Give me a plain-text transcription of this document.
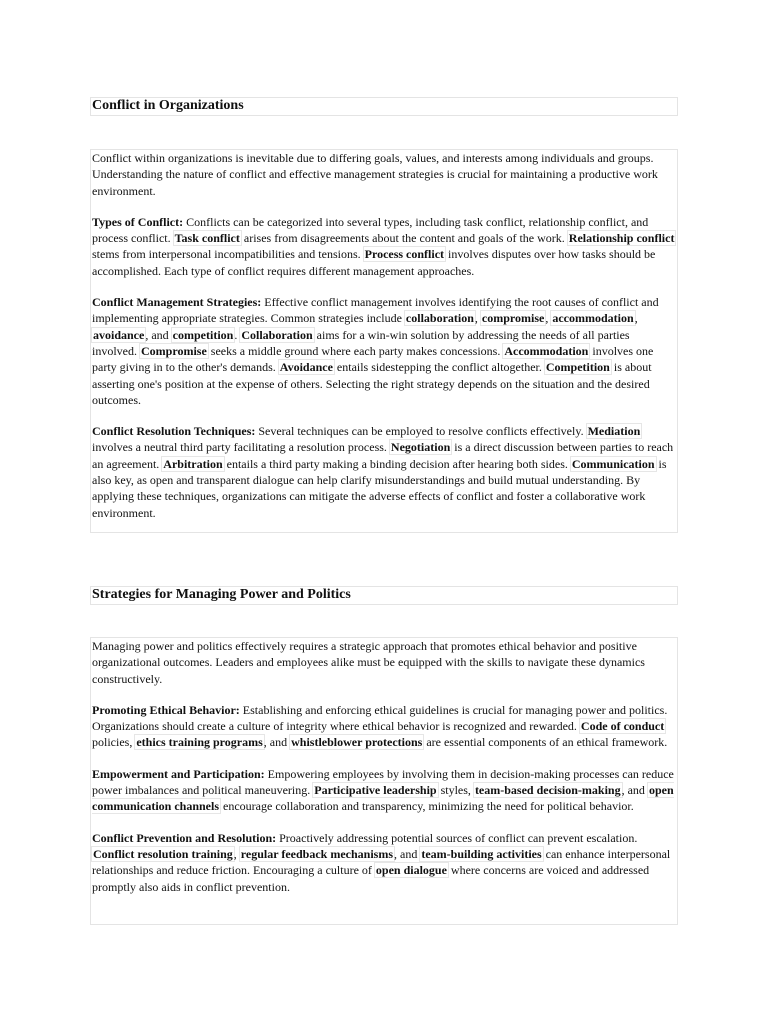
Conflict in Organizations

Conflict within organizations is inevitable due to differing goals, values, and interests among individuals and groups. Understanding the nature of conflict and effective management strategies is crucial for maintaining a productive work environment.

Types of Conflict: Conflicts can be categorized into several types, including task conflict, relationship conflict, and process conflict. Task conflict arises from disagreements about the content and goals of the work. Relationship conflict stems from interpersonal incompatibilities and tensions. Process conflict involves disputes over how tasks should be accomplished. Each type of conflict requires different management approaches.

Conflict Management Strategies: Effective conflict management involves identifying the root causes of conflict and implementing appropriate strategies. Common strategies include collaboration, compromise, accommodation, avoidance, and competition. Collaboration aims for a win-win solution by addressing the needs of all parties involved. Compromise seeks a middle ground where each party makes concessions. Accommodation involves one party giving in to the other's demands. Avoidance entails sidestepping the conflict altogether. Competition is about asserting one's position at the expense of others. Selecting the right strategy depends on the situation and the desired outcomes.

Conflict Resolution Techniques: Several techniques can be employed to resolve conflicts effectively. Mediation involves a neutral third party facilitating a resolution process. Negotiation is a direct discussion between parties to reach an agreement. Arbitration entails a third party making a binding decision after hearing both sides. Communication is also key, as open and transparent dialogue can help clarify misunderstandings and build mutual understanding. By applying these techniques, organizations can mitigate the adverse effects of conflict and foster a collaborative work environment.

Strategies for Managing Power and Politics

Managing power and politics effectively requires a strategic approach that promotes ethical behavior and positive organizational outcomes. Leaders and employees alike must be equipped with the skills to navigate these dynamics constructively.

Promoting Ethical Behavior: Establishing and enforcing ethical guidelines is crucial for managing power and politics. Organizations should create a culture of integrity where ethical behavior is recognized and rewarded. Code of conduct policies, ethics training programs, and whistleblower protections are essential components of an ethical framework.

Empowerment and Participation: Empowering employees by involving them in decision-making processes can reduce power imbalances and political maneuvering. Participative leadership styles, team-based decision-making, and open communication channels encourage collaboration and transparency, minimizing the need for political behavior.

Conflict Prevention and Resolution: Proactively addressing potential sources of conflict can prevent escalation. Conflict resolution training, regular feedback mechanisms, and team-building activities can enhance interpersonal relationships and reduce friction. Encouraging a culture of open dialogue where concerns are voiced and addressed promptly also aids in conflict prevention.
